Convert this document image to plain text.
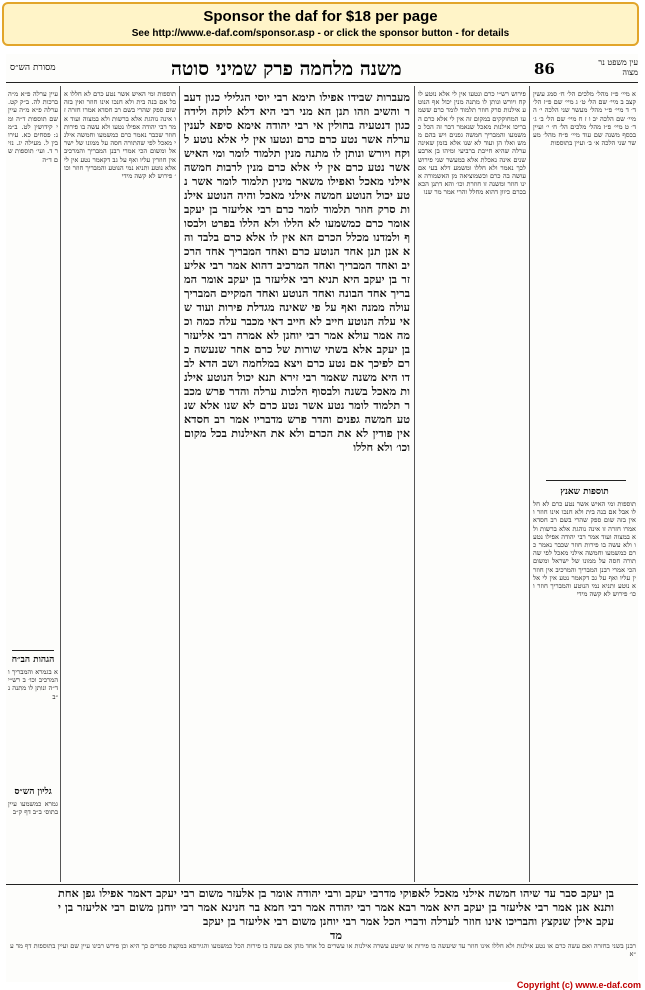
Sponsor the daf for $18 per page
See http://www.e-daf.com/sponsor.asp - or click the sponsor button - for details
מסורת הש״ס	משנה מלחמה פרק שמיני סוטה	86	עין משפט נר מצוה
עיין ערלה פ״א מ״ה ברכות לה. ב״ק קט. ערלה פ״א מ״ה עיין שם תוספות ד״ה ומי קידושין לט. ב״מ נ: פסחים כא. עירובין ל. מעילה יג. נזיר ד. ועי׳ תוספות שם ד״ה
הגהות הב״ח
א בגמרא והמבריך והמרכיב וכו׳ ב רש״י ד״ה ונותן לו מתנה נ״ב
גליון הש״ס
גמרא כמשמעו עיין בתוס׳ ב״ב דף ק״ב
תוספות ומי האיש אשר נטע כרם לא חללו אבל אם בנה בית ולא חנכו אינו חוזר ואין בזה שום ספק שהרי בשם רב חסדא אמרו חזרה זו אינה נוהגת אלא ברשות ולא במצוה ועוד אמר רבי יהודה אפילו נטעו ולא עשה בו פירות חוזר שכבר נאמר כרם כמשמעו וחמשה אילני מאכל לפי שהתורה חסה על ממונו של ישראל ומשום הכי אמרי רבנן המבריך והמרכיב אין חוזרין עליו ואף על גב דקאמר נטע אין לי אלא נוטע ותניא נמי הנוטע והמבריך חוזר וכו׳ פירוש לא קשה מידי
מעברות שבידו אפילו תימא רבי יוסי הגלילי כגון דעבר והשיב וזהו תנן הא מני רבי היא דלא לוקה ולידה כגון דנטעיה בחולין אי רבי יהודה אימא סיפא לענין ערלה אשר נטע כרם כרם ונטעו אין לי אלא נוטע לוקח ויורש ונותן לו מתנה מנין תלמוד לומר ומי האיש אשר נטע כרם אין לי אלא כרם מנין לרבות חמשה אילני מאכל ואפילו משאר מינין תלמוד לומר אשר נטע יכול הנוטע חמשה אילני מאכל והיה הנוטע אילנות סרק חוזר תלמוד לומר כרם רבי אליעזר בן יעקב אומר כרם כמשמעו לא הללו ולא הללו בפרט ולבסוף ולמדנו מכלל הכרם הא אין לו אלא כרם בלבד והא אנן תנן אחד הנוטע כרם ואחד המבריך אחד הרכיב ואחד המבריך ואחד המרכיב דהוא אמר רבי אליעזר בן יעקב היא תניא רבי אליעזר בן יעקב אומר המבריך אחד הבונה ואחד הנוטע ואחד המקיים המבריך עולה ממנה ואף על פי שאינה מגדלת פירות ועוד שאי עלה הנוטע חייב לא חייב דאי מכבר עלה כמה וכמה אמר עולא אמר רבי יוחנן לא אמרה רבי אליעזר בן יעקב אלא בשתי שורות של כרם אחר שנעשה כרם לפיכך אם נטע כרם ויצא במלחמה ושב הדא לבדו היא משנה שאמר רבי זירא תנא יכול הנוטע אילנות מאכל בשנה ולבסוף הלכות ערלה והדר פרש מכבר תלמוד לומר נטע אשר נטע כרם לא שנו אלא שנטע חמשה גפנים והדר פרש מדבריו אמר רב חסדא אין פודין לא את הכרם ולא את האילנות בכל מקום וכו׳ ולא חללו
פירוש רש״י כרם ונטעו אין לי אלא נוטע לוקח ויורש ונותן לו מתנה מנין יכול אף הנוטע אילנות סרק חוזר תלמוד לומר כרם ששמעו המחוקקים במקום זה אין לי אלא כרם הבריכו אילנות מאכל שנאמר דבר זה הכל כמשמעו והמבריך חמשה גפנים ויש בהם ממש ואלו הן ועוד לא שנו אלא בזמן שאינה ערלה שהיא חייבת ברביעי ומיהו בן ארבע שנים אינה נאכלת אלא במעשר שני פירוש לכך נאמר ולא חללו ומשמע דלא בעי אם עושה בה כרם וכשמוציאה מן האשמורה אינו חוזר ומשנה זו חוזרת וכו׳ והא דתנן הכא בכרם כיוון דהוא מחלל והרי אמר מר שנו
א מיי׳ פ״ז מהל׳ מלכים הל׳ ח׳ סמג עשין קצב ב מיי׳ שם הל׳ ט׳ ג מיי׳ שם פ״ז הל׳ ד׳ ד מיי׳ פ״י מהל׳ מעשר שני הלכה י׳ ה מיי׳ שם הלכה יב ו ז ח מיי׳ שם הל׳ ב׳ ג׳ ד׳ ט מיי׳ פ״ז מהל׳ מלכים הל׳ ח׳ י׳ ועיין בכסף משנה שם עוד מיי׳ פ״ח מהל׳ מעשר שני הלכה א׳ ב׳ ועיין בתוספות
תוספות שאנץ
תוספות ומי האיש אשר נטע כרם לא חללו אבל אם בנה בית ולא חנכו אינו חוזר ואין בזה שום ספק שהרי בשם רב חסדא אמרו חזרה זו אינה נוהגת אלא ברשות ולא במצוה ועוד אמר רבי יהודה אפילו נטעו ולא עשה בו פירות חוזר שכבר נאמר כרם כמשמעו וחמשה אילני מאכל לפי שהתורה חסה על ממונו של ישראל ומשום הכי אמרי רבנן המבריך והמרכיב אין חוזרין עליו ואף על גב דקאמר נטע אין לי אלא נוטע ותניא נמי הנוטע והמבריך חוזר וכו׳ פירוש לא קשה מידי
בן יעקב סבר עד שיהו חמשה אילני מאכל לאפוקי מדרבי יעקב ורבי יהודה אומר בן אלעזר משום רבי יעקב דאמר אפילו גפן אחת ותנא אנן אמר רבי אליעזר בן יעקב היא אמר רבא אמר רבי יהודה אמר רבי חמא בר חנינא אמר רבי יוחנן משום רבי אליעזר בן יעקב אילן שנקצץ והבריכו אינו חוזר לערלה ודברי הכל אמר רבי יוחנן משום רבי אליעזר בן יעקב
מד
רבנן בשני בחזרה ואם עשה כרם או נטע אילנות ולא חללו אינו חוזר עד שיעשה בו פירות או שיטע עשרה אילנות או עשרים כל אחד מהן אם עשה בו פירות הכל כמשמעו והגירסא במקצת ספרים כך היא וכן פירש רבינו עיין שם ועיין בתוספות דף מד ע״א
Copyright (c) www.e-daf.com
